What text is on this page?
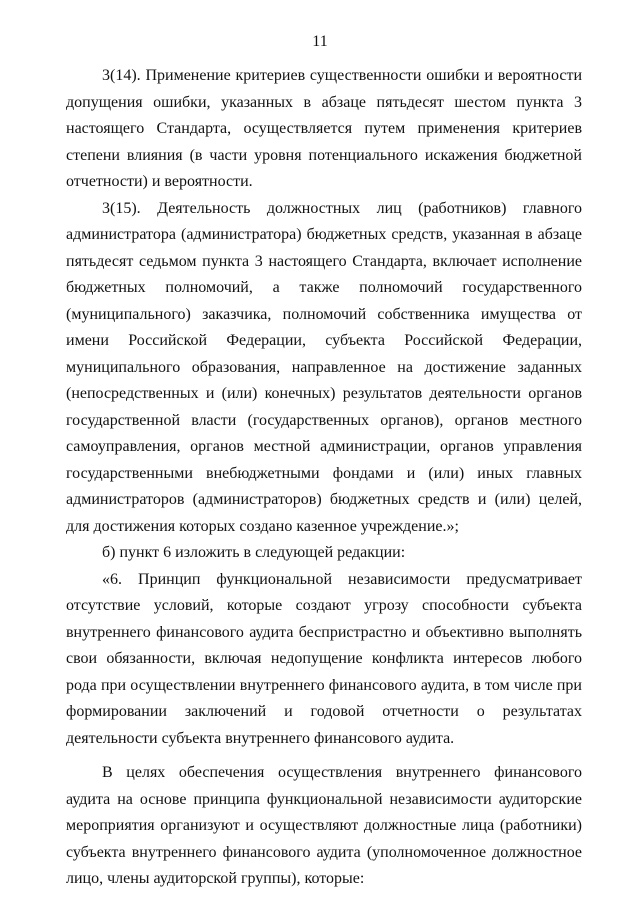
11

3(14). Применение критериев существенности ошибки и вероятности допущения ошибки, указанных в абзаце пятьдесят шестом пункта 3 настоящего Стандарта, осуществляется путем применения критериев степени влияния (в части уровня потенциального искажения бюджетной отчетности) и вероятности.

3(15). Деятельность должностных лиц (работников) главного администратора (администратора) бюджетных средств, указанная в абзаце пятьдесят седьмом пункта 3 настоящего Стандарта, включает исполнение бюджетных полномочий, а также полномочий государственного (муниципального) заказчика, полномочий собственника имущества от имени Российской Федерации, субъекта Российской Федерации, муниципального образования, направленное на достижение заданных (непосредственных и (или) конечных) результатов деятельности органов государственной власти (государственных органов), органов местного самоуправления, органов местной администрации, органов управления государственными внебюджетными фондами и (или) иных главных администраторов (администраторов) бюджетных средств и (или) целей, для достижения которых создано казенное учреждение.»;

б) пункт 6 изложить в следующей редакции:

«6. Принцип функциональной независимости предусматривает отсутствие условий, которые создают угрозу способности субъекта внутреннего финансового аудита беспристрастно и объективно выполнять свои обязанности, включая недопущение конфликта интересов любого рода при осуществлении внутреннего финансового аудита, в том числе при формировании заключений и годовой отчетности о результатах деятельности субъекта внутреннего финансового аудита.

В целях обеспечения осуществления внутреннего финансового аудита на основе принципа функциональной независимости аудиторские мероприятия организуют и осуществляют должностные лица (работники) субъекта внутреннего финансового аудита (уполномоченное должностное лицо, члены аудиторской группы), которые:
